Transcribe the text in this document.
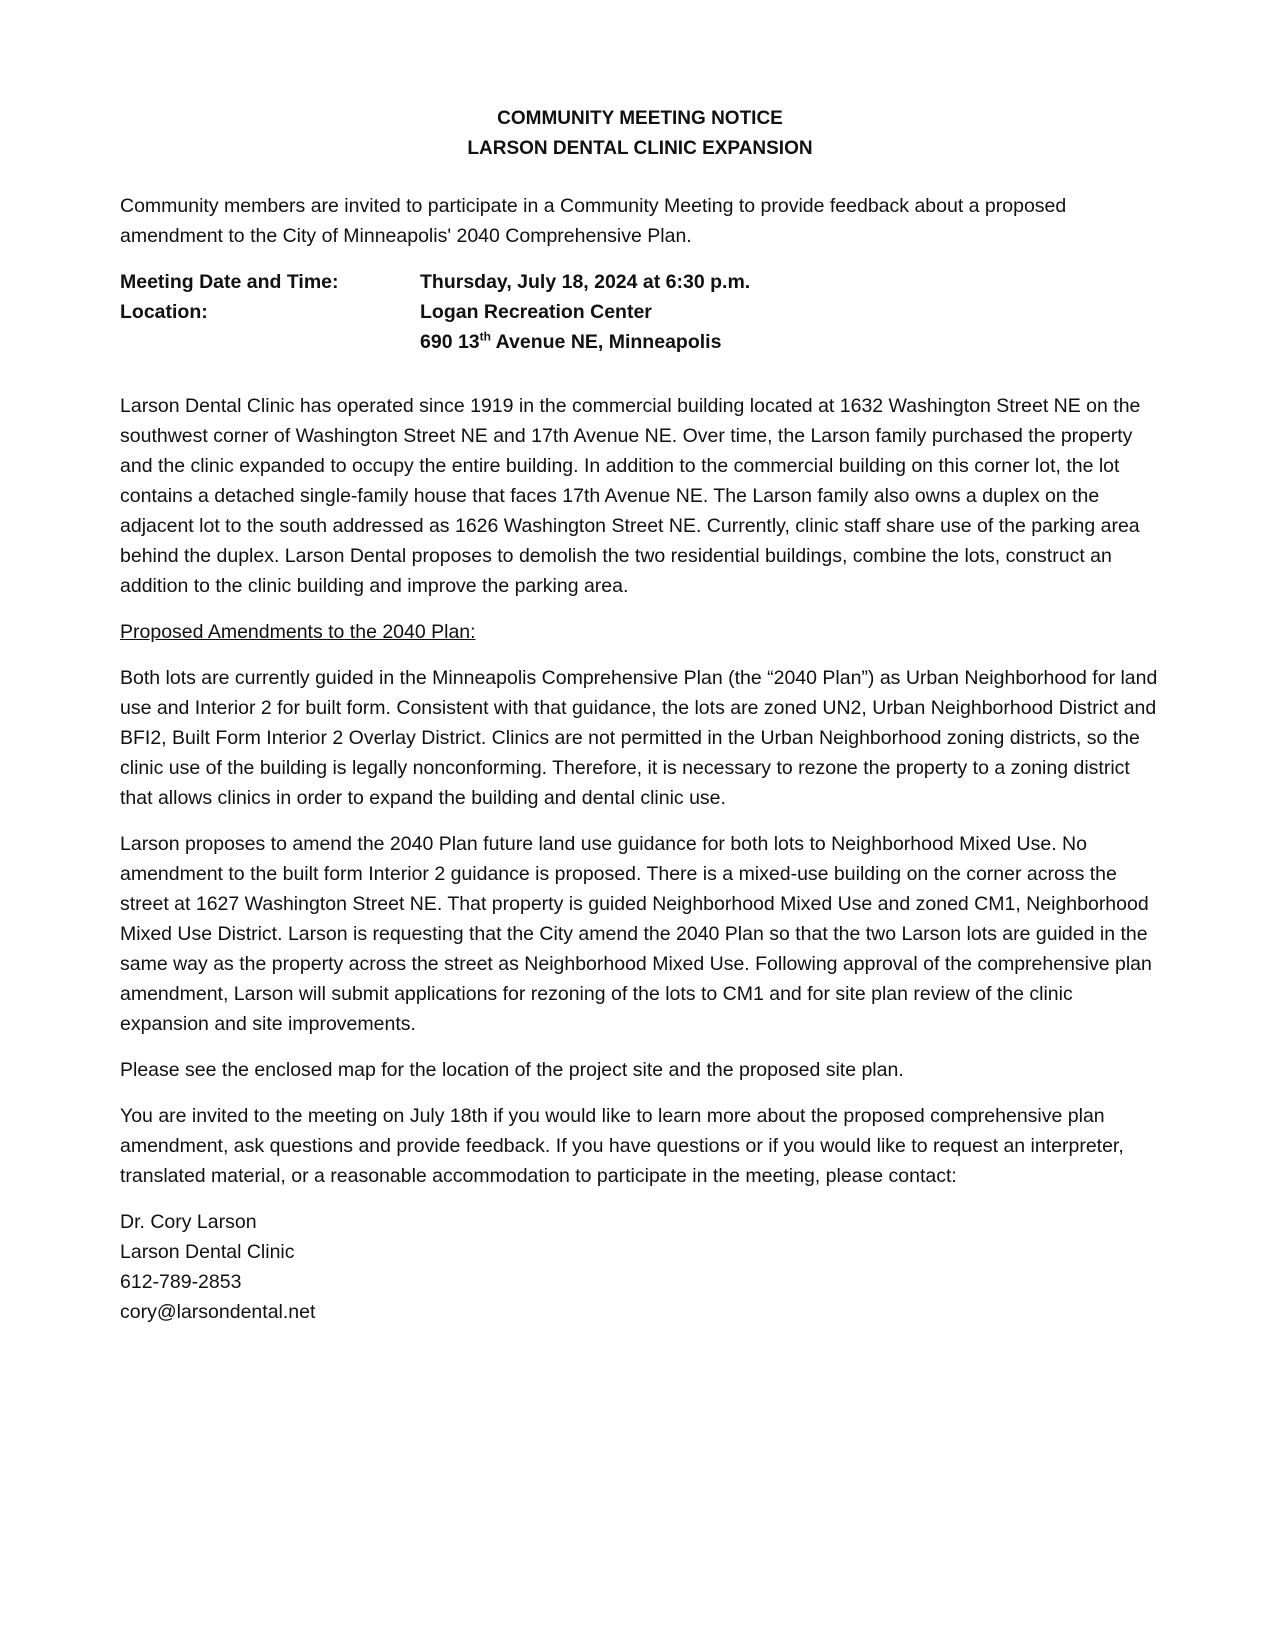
COMMUNITY MEETING NOTICE
LARSON DENTAL CLINIC EXPANSION

Community members are invited to participate in a Community Meeting to provide feedback about a proposed amendment to the City of Minneapolis' 2040 Comprehensive Plan.

Meeting Date and Time:	Thursday, July 18, 2024 at 6:30 p.m.
Location:	Logan Recreation Center
690 13th Avenue NE, Minneapolis

Larson Dental Clinic has operated since 1919 in the commercial building located at 1632 Washington Street NE on the southwest corner of Washington Street NE and 17th Avenue NE. Over time, the Larson family purchased the property and the clinic expanded to occupy the entire building. In addition to the commercial building on this corner lot, the lot contains a detached single-family house that faces 17th Avenue NE. The Larson family also owns a duplex on the adjacent lot to the south addressed as 1626 Washington Street NE. Currently, clinic staff share use of the parking area behind the duplex. Larson Dental proposes to demolish the two residential buildings, combine the lots, construct an addition to the clinic building and improve the parking area.

Proposed Amendments to the 2040 Plan:

Both lots are currently guided in the Minneapolis Comprehensive Plan (the “2040 Plan”) as Urban Neighborhood for land use and Interior 2 for built form. Consistent with that guidance, the lots are zoned UN2, Urban Neighborhood District and BFI2, Built Form Interior 2 Overlay District. Clinics are not permitted in the Urban Neighborhood zoning districts, so the clinic use of the building is legally nonconforming. Therefore, it is necessary to rezone the property to a zoning district that allows clinics in order to expand the building and dental clinic use.

Larson proposes to amend the 2040 Plan future land use guidance for both lots to Neighborhood Mixed Use. No amendment to the built form Interior 2 guidance is proposed. There is a mixed-use building on the corner across the street at 1627 Washington Street NE. That property is guided Neighborhood Mixed Use and zoned CM1, Neighborhood Mixed Use District. Larson is requesting that the City amend the 2040 Plan so that the two Larson lots are guided in the same way as the property across the street as Neighborhood Mixed Use. Following approval of the comprehensive plan amendment, Larson will submit applications for rezoning of the lots to CM1 and for site plan review of the clinic expansion and site improvements.

Please see the enclosed map for the location of the project site and the proposed site plan.

You are invited to the meeting on July 18th if you would like to learn more about the proposed comprehensive plan amendment, ask questions and provide feedback. If you have questions or if you would like to request an interpreter, translated material, or a reasonable accommodation to participate in the meeting, please contact:

Dr. Cory Larson
Larson Dental Clinic
612-789-2853
cory@larsondental.net
